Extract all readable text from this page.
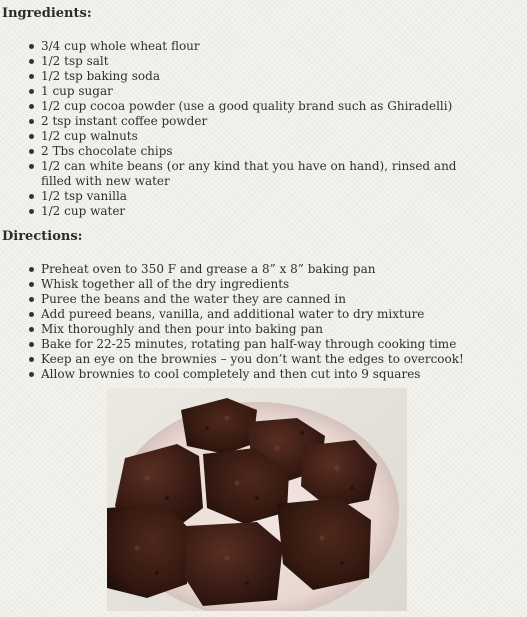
Ingredients:
3/4 cup whole wheat flour
1/2 tsp salt
1/2 tsp baking soda
1 cup sugar
1/2 cup cocoa powder (use a good quality brand such as Ghiradelli)
2 tsp instant coffee powder
1/2 cup walnuts
2 Tbs chocolate chips
1/2 can white beans (or any kind that you have on hand), rinsed and filled with new water
1/2 tsp vanilla
1/2 cup water
Directions:
Preheat oven to 350 F and grease a 8” x 8” baking pan
Whisk together all of the dry ingredients
Puree the beans and the water they are canned in
Add pureed beans, vanilla, and additional water to dry mixture
Mix thoroughly and then pour into baking pan
Bake for 22-25 minutes, rotating pan half-way through cooking time
Keep an eye on the brownies – you don’t want the edges to overcook!
Allow brownies to cool completely and then cut into 9 squares
